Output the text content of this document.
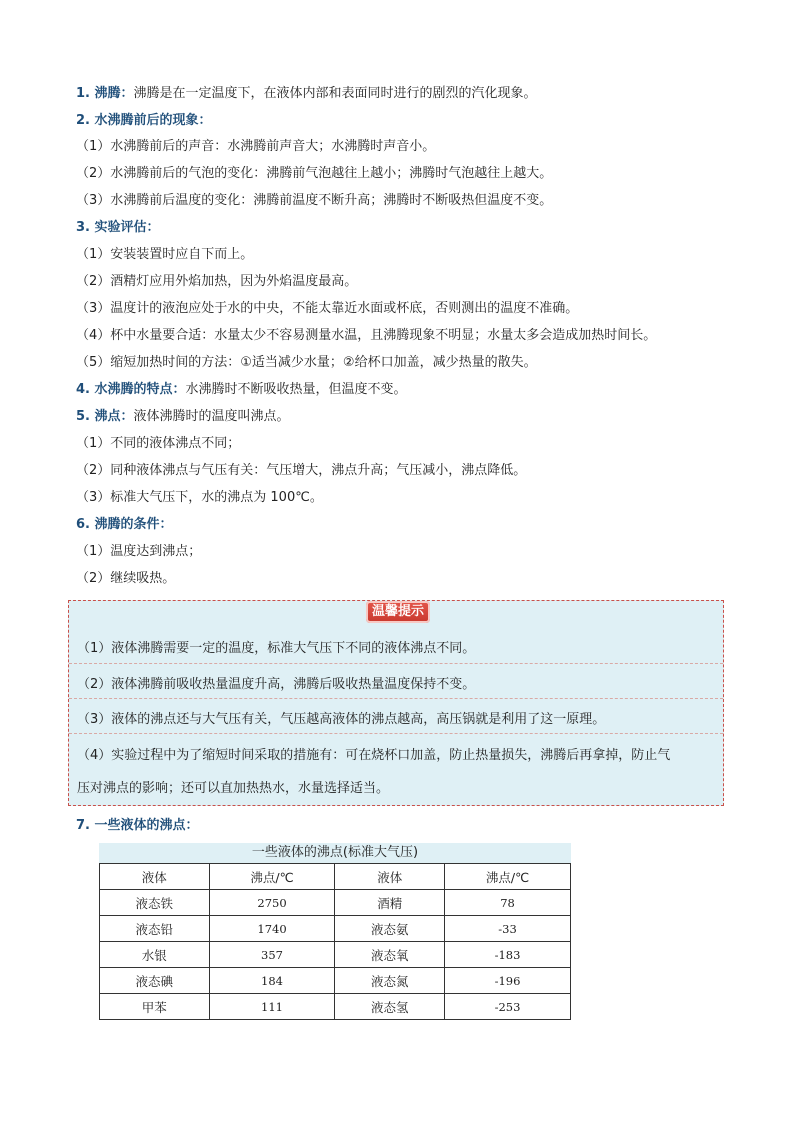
1. 沸腾：沸腾是在一定温度下，在液体内部和表面同时进行的剧烈的汽化现象。
2. 水沸腾前后的现象：
（1）水沸腾前后的声音：水沸腾前声音大；水沸腾时声音小。
（2）水沸腾前后的气泡的变化：沸腾前气泡越往上越小；沸腾时气泡越往上越大。
（3）水沸腾前后温度的变化：沸腾前温度不断升高；沸腾时不断吸热但温度不变。
3. 实验评估：
（1）安装装置时应自下而上。
（2）酒精灯应用外焰加热，因为外焰温度最高。
（3）温度计的液泡应处于水的中央，不能太靠近水面或杯底，否则测出的温度不准确。
（4）杯中水量要合适：水量太少不容易测量水温，且沸腾现象不明显；水量太多会造成加热时间长。
（5）缩短加热时间的方法：①适当减少水量；②给杯口加盖，减少热量的散失。
4. 水沸腾的特点：水沸腾时不断吸收热量，但温度不变。
5. 沸点：液体沸腾时的温度叫沸点。
（1）不同的液体沸点不同；
（2）同种液体沸点与气压有关：气压增大，沸点升高；气压减小，沸点降低。
（3）标准大气压下，水的沸点为 100℃。
6. 沸腾的条件：
（1）温度达到沸点；
（2）继续吸热。
温馨提示
（1）液体沸腾需要一定的温度，标准大气压下不同的液体沸点不同。
（2）液体沸腾前吸收热量温度升高，沸腾后吸收热量温度保持不变。
（3）液体的沸点还与大气压有关，气压越高液体的沸点越高，高压锅就是利用了这一原理。
（4）实验过程中为了缩短时间采取的措施有：可在烧杯口加盖，防止热量损失，沸腾后再拿掉，防止气
压对沸点的影响；还可以直加热热水，水量选择适当。
7. 一些液体的沸点：
一些液体的沸点(标准大气压)
液体	沸点/℃	液体	沸点/℃
液态铁	2750	酒精	78
液态铅	1740	液态氨	-33
水银	357	液态氧	-183
液态碘	184	液态氮	-196
甲苯	111	液态氢	-253
